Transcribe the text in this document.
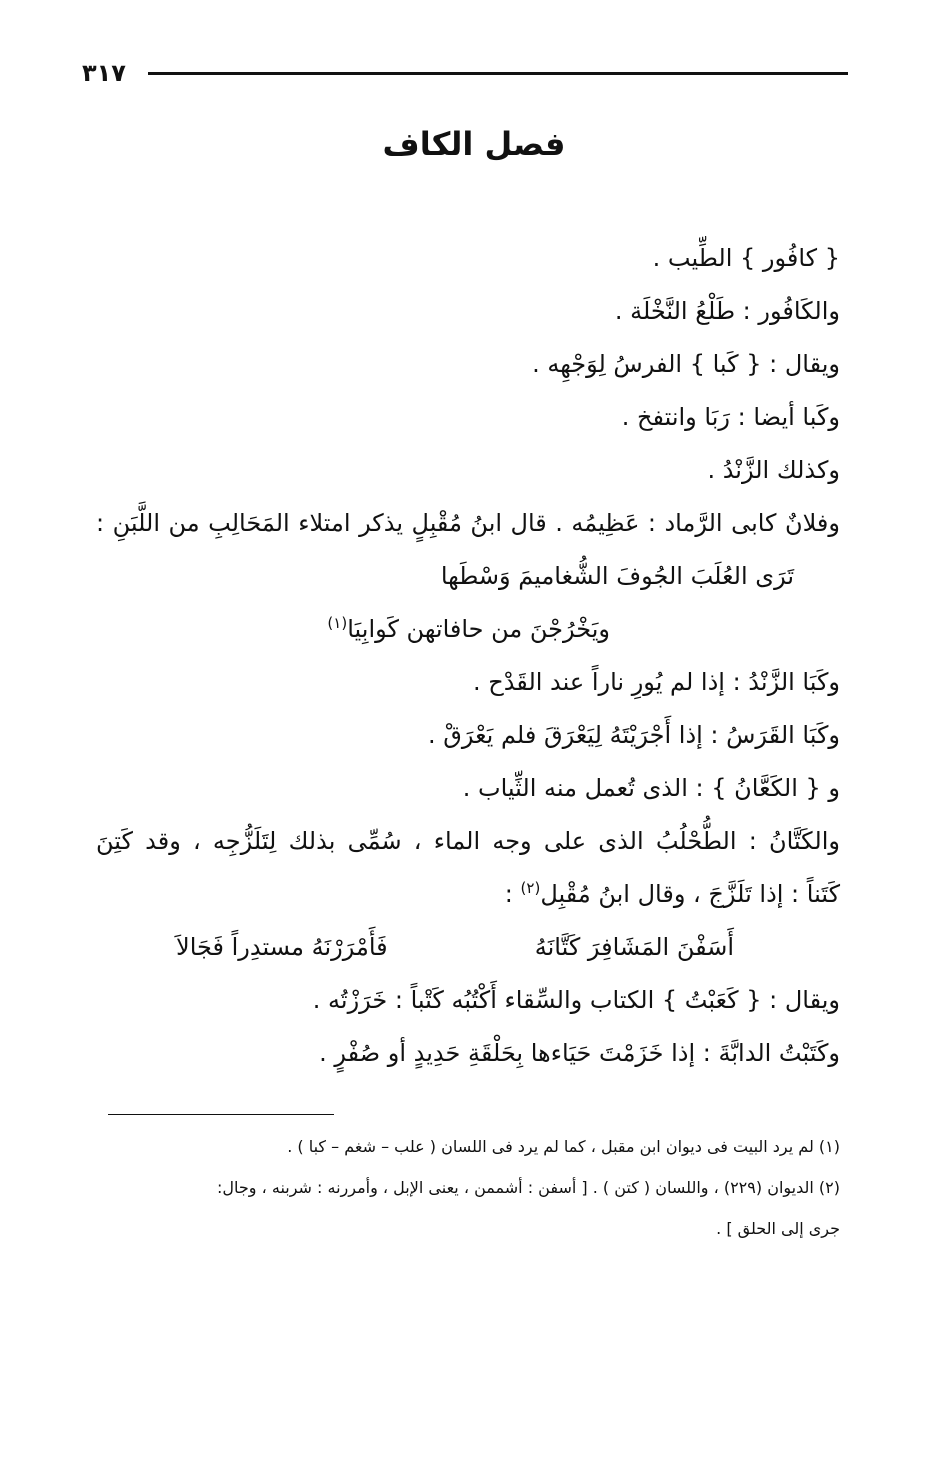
٣١٧
فصل الكاف
{ كافُور } الطِّيب .
والكَافُور : طَلْعُ النَّخْلَة .
ويقال : { كَبا } الفرسُ لِوَجْهِه .
وكَبا أيضا : رَبَا وانتفخ .
وكذلك الزَّنْدُ .
وفلانٌ كابى الرَّماد : عَظِيمُه . قال ابنُ مُقْبِلٍ يذكر امتلاء المَحَالِبِ من اللَّبَنِ :
تَرَى العُلَبَ الجُوفَ الشُّغاميمَ وَسْطَها
ويَخْرُجْنَ من حافاتهن كَوابِيَا$^{(١)}$
وكَبَا الزَّنْدُ : إذا لم يُورِ ناراً عند القَدْح .
وكَبَا القَرَسُ : إذا أَجْرَيْتَهُ لِيَعْرَقَ فلم يَعْرَقْ .
و { الكَعَّانُ } : الذى تُعمل منه الثِّياب .
والكَتَّانُ : الطُّحْلُبُ الذى على وجه الماء ، سُمِّى بذلك لِتَلَزُّجِه ، وقد كَتِنَ
كَتَناً : إذا تَلَزَّجَ ، وقال ابنُ مُقْبِل$^{(٢)}$ :
أَسَفْنَ المَشَافِرَ كَتَّانَهُ
فَأَمْرَرْنَهُ مستدِراً فَجَالاَ
ويقال : { كَعَبْتُ } الكتاب والسِّقاء أَكْتُبُه كَتْباً : خَرَزْتُه .
وكَتَبْتُ الدابَّةَ : إذا خَزَمْتَ حَيَاءها بِحَلْقَةِ حَدِيدٍ أو صُفْرٍ .
(١) لم يرد البيت فى ديوان ابن مقبل ، كما لم يرد فى اللسان ( علب – شغم – كبا ) .
(٢) الديوان (٢٢٩) ، واللسان ( كتن ) . [ أسفن : أشممن ، يعنى الإبل ، وأمررنه : شربنه ، وجال:
جرى إلى الحلق ] .
